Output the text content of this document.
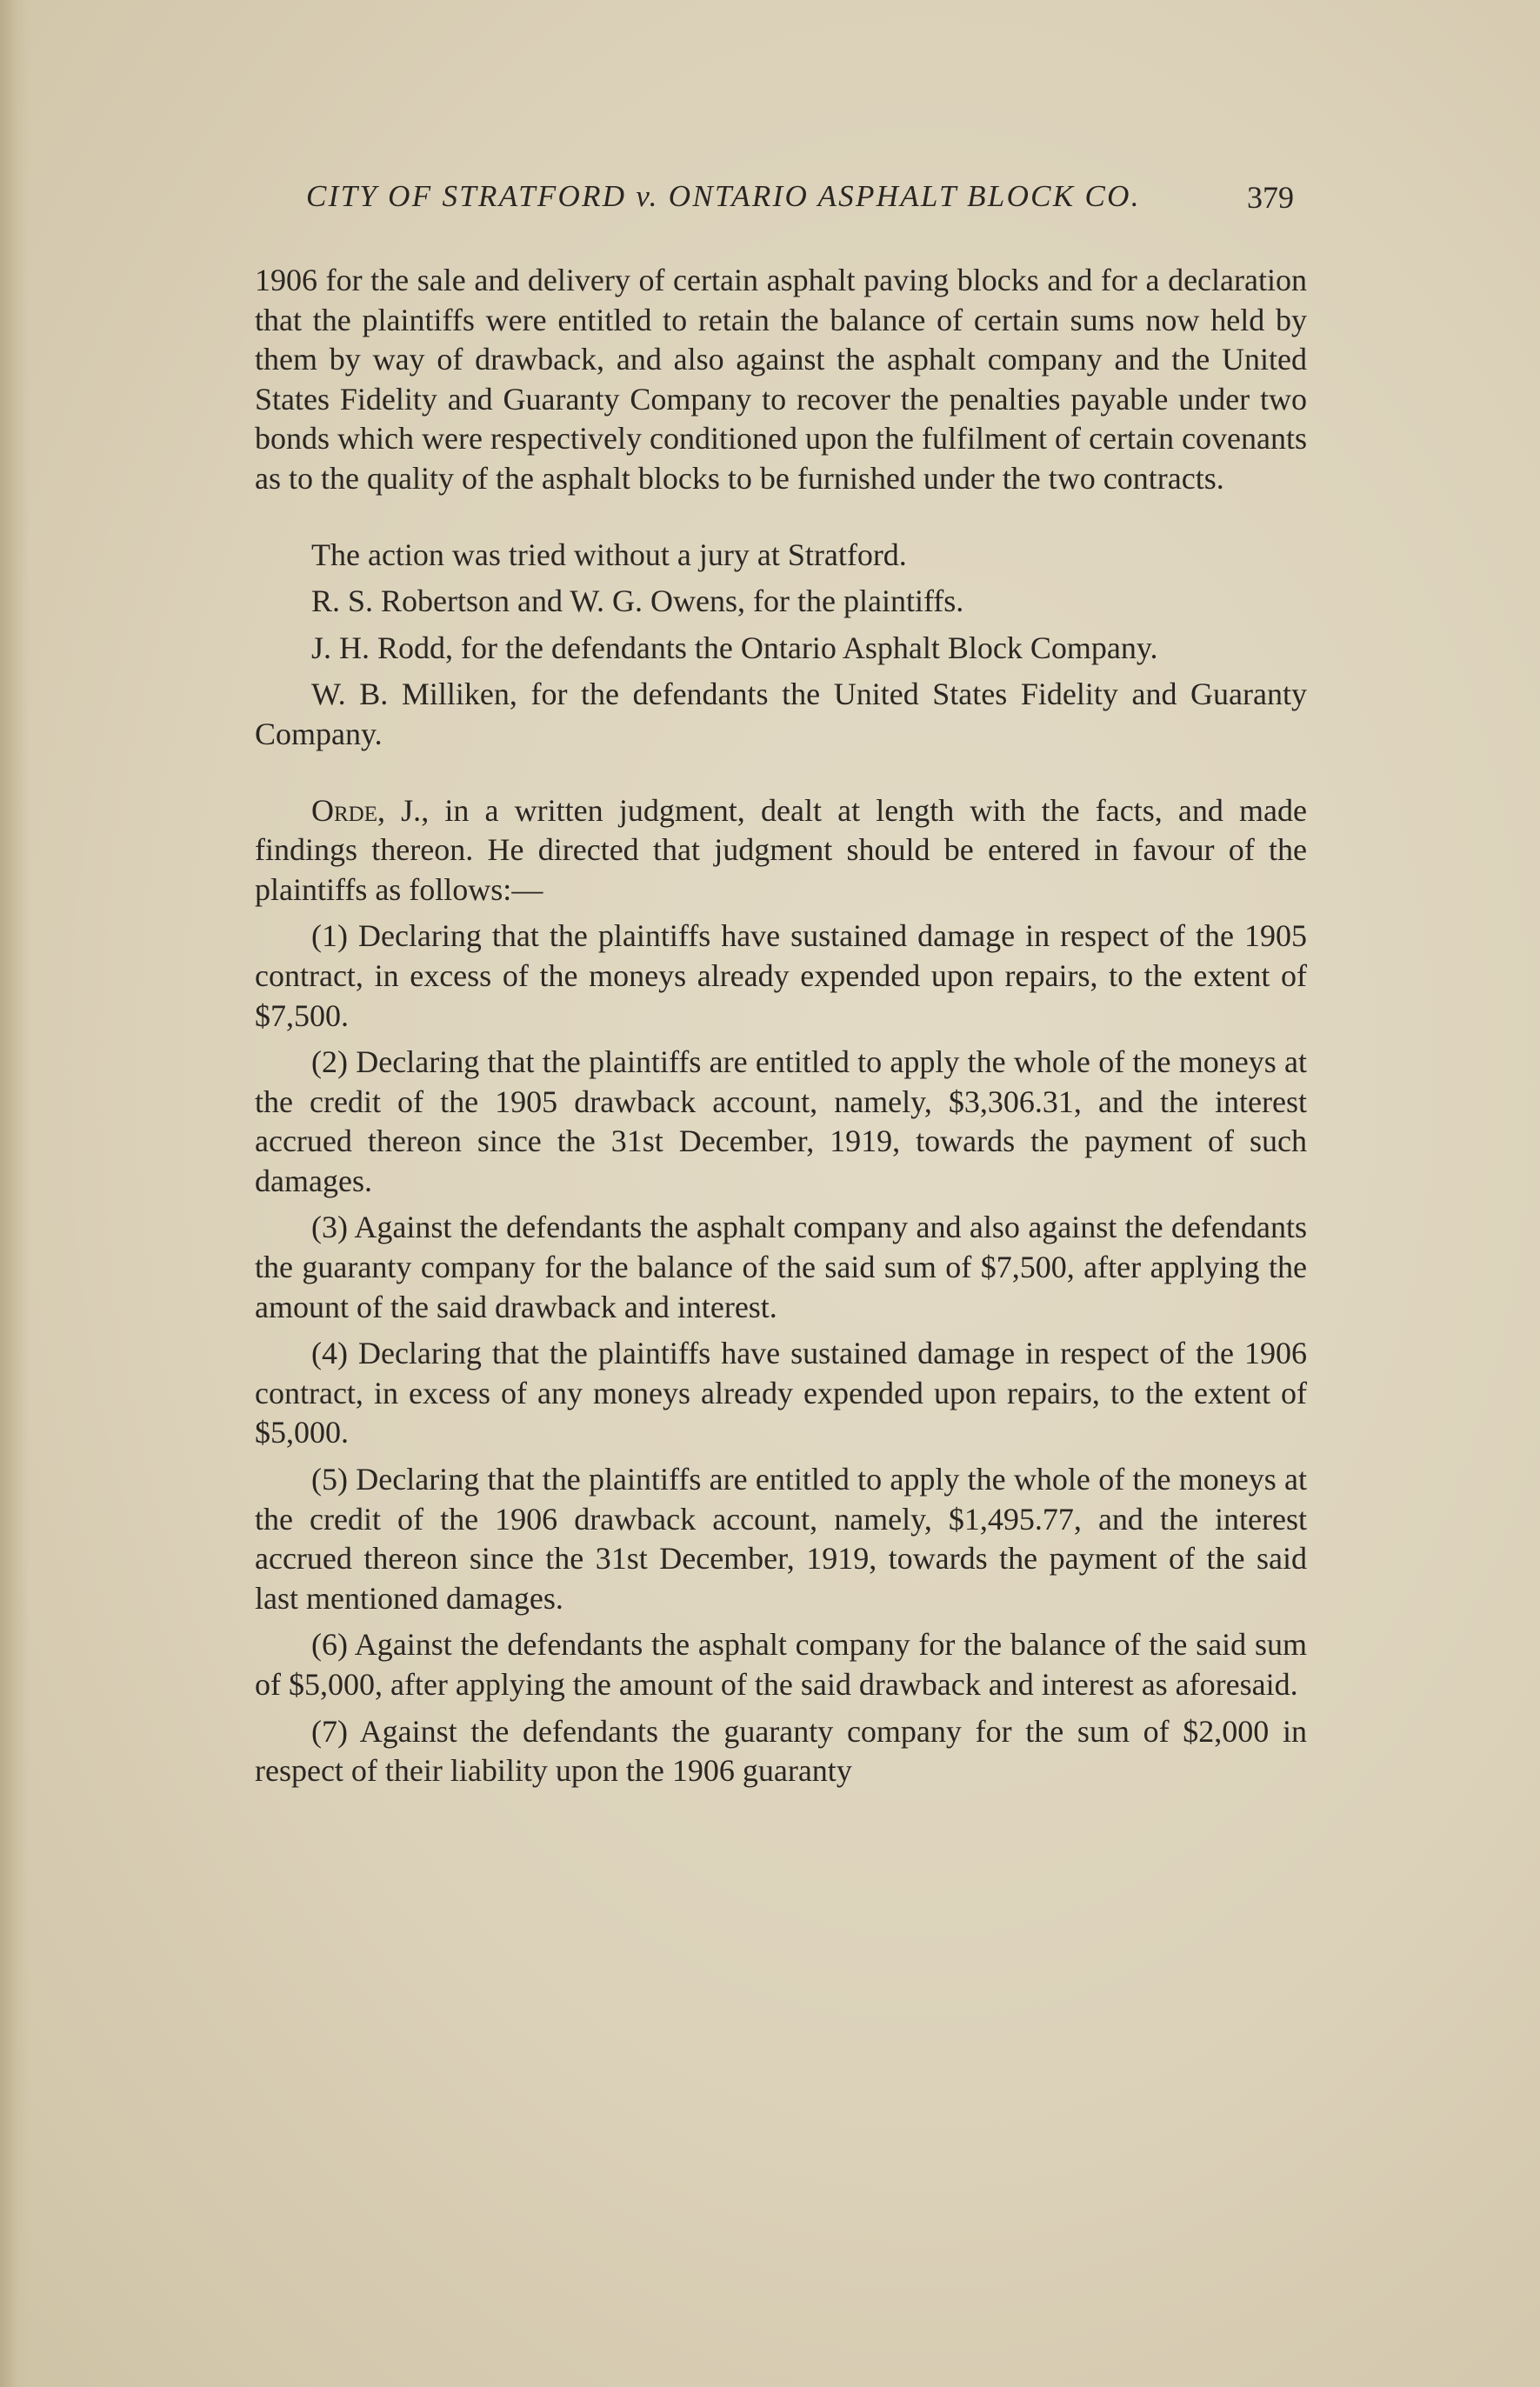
CITY OF STRATFORD v. ONTARIO ASPHALT BLOCK CO.	379

1906 for the sale and delivery of certain asphalt paving blocks and for a declaration that the plaintiffs were entitled to retain the balance of certain sums now held by them by way of drawback, and also against the asphalt company and the United States Fidelity and Guaranty Company to recover the penalties payable under two bonds which were respectively conditioned upon the fulfilment of certain covenants as to the quality of the asphalt blocks to be furnished under the two contracts.

The action was tried without a jury at Stratford.

R. S. Robertson and W. G. Owens, for the plaintiffs.

J. H. Rodd, for the defendants the Ontario Asphalt Block Company.

W. B. Milliken, for the defendants the United States Fidelity and Guaranty Company.

Orde, J., in a written judgment, dealt at length with the facts, and made findings thereon. He directed that judgment should be entered in favour of the plaintiffs as follows:—

(1) Declaring that the plaintiffs have sustained damage in respect of the 1905 contract, in excess of the moneys already expended upon repairs, to the extent of $7,500.

(2) Declaring that the plaintiffs are entitled to apply the whole of the moneys at the credit of the 1905 drawback account, namely, $3,306.31, and the interest accrued thereon since the 31st December, 1919, towards the payment of such damages.

(3) Against the defendants the asphalt company and also against the defendants the guaranty company for the balance of the said sum of $7,500, after applying the amount of the said drawback and interest.

(4) Declaring that the plaintiffs have sustained damage in respect of the 1906 contract, in excess of any moneys already expended upon repairs, to the extent of $5,000.

(5) Declaring that the plaintiffs are entitled to apply the whole of the moneys at the credit of the 1906 drawback account, namely, $1,495.77, and the interest accrued thereon since the 31st December, 1919, towards the payment of the said last mentioned damages.

(6) Against the defendants the asphalt company for the balance of the said sum of $5,000, after applying the amount of the said drawback and interest as aforesaid.

(7) Against the defendants the guaranty company for the sum of $2,000 in respect of their liability upon the 1906 guaranty
